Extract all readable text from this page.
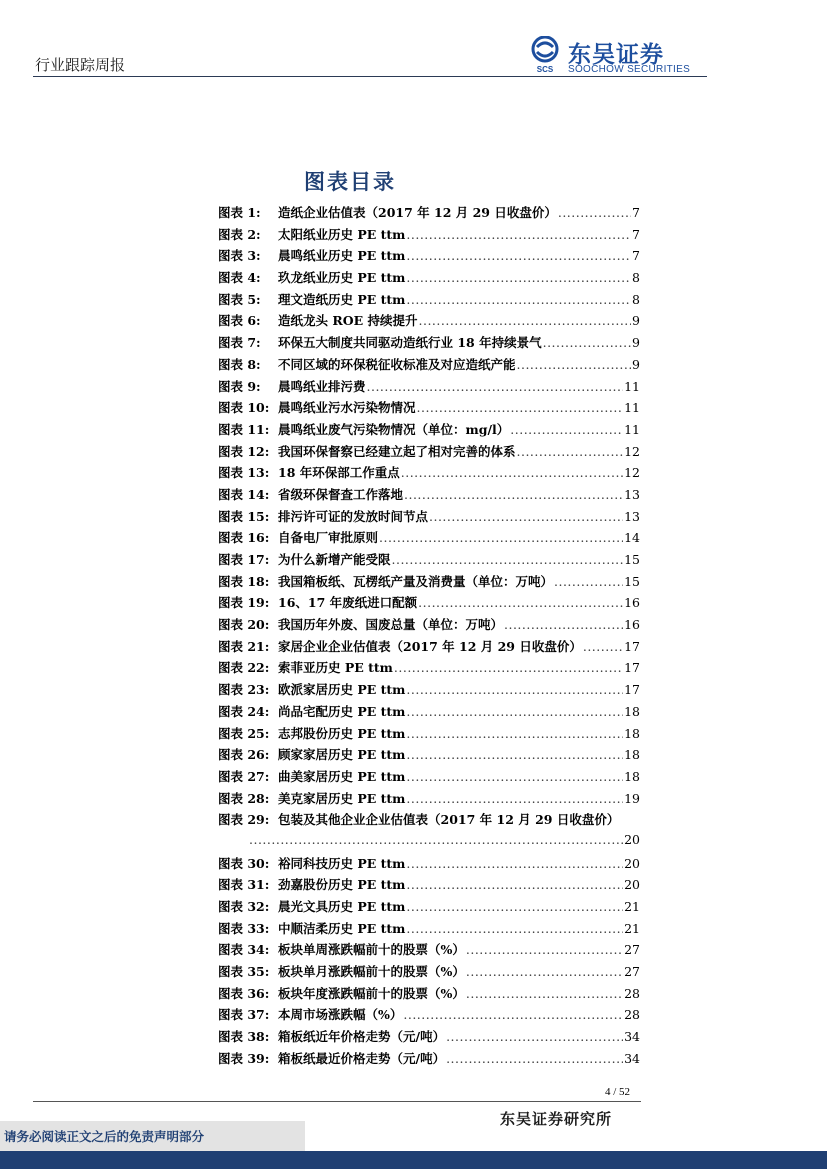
行业跟踪周报	SCS
东吴证券
SOOCHOW SECURITIES
图表目录
图表 1:	造纸企业估值表（2017 年 12 月 29 日收盘价） .....	7
图表 2:	太阳纸业历史 PE ttm .....	7
图表 3:	晨鸣纸业历史 PE ttm .....	7
图表 4:	玖龙纸业历史 PE ttm .....	8
图表 5:	理文造纸历史 PE ttm .....	8
图表 6:	造纸龙头 ROE 持续提升 .....	9
图表 7:	环保五大制度共同驱动造纸行业 18 年持续景气 .....	9
图表 8:	不同区域的环保税征收标准及对应造纸产能 .....	9
图表 9:	晨鸣纸业排污费 .....	11
图表 10: 晨鸣纸业污水污染物情况 .....	11
图表 11: 晨鸣纸业废气污染物情况（单位：mg/l） .....	11
图表 12: 我国环保督察已经建立起了相对完善的体系 .....	12
图表 13: 18 年环保部工作重点 .....	12
图表 14: 省级环保督查工作落地 .....	13
图表 15: 排污许可证的发放时间节点 .....	13
图表 16: 自备电厂审批原则 .....	14
图表 17: 为什么新增产能受限 .....	15
图表 18: 我国箱板纸、瓦楞纸产量及消费量（单位：万吨） .....	15
图表 19: 16、17 年废纸进口配额 .....	16
图表 20: 我国历年外废、国废总量（单位：万吨） .....	16
图表 21: 家居企业企业估值表（2017 年 12 月 29 日收盘价） .....	17
图表 22: 索菲亚历史 PE ttm .....	17
图表 23: 欧派家居历史 PE ttm .....	17
图表 24: 尚品宅配历史 PE ttm .....	18
图表 25: 志邦股份历史 PE ttm .....	18
图表 26: 顾家家居历史 PE ttm .....	18
图表 27: 曲美家居历史 PE ttm .....	18
图表 28: 美克家居历史 PE ttm .....	19
图表 29: 包装及其他企业企业估值表（2017 年 12 月 29 日收盘价）
.....
20
图表 30: 裕同科技历史 PE ttm .....	20
图表 31: 劲嘉股份历史 PE ttm .....	20
图表 32: 晨光文具历史 PE ttm .....	21
图表 33: 中顺洁柔历史 PE ttm .....	21
图表 34: 板块单周涨跌幅前十的股票（%） .....	27
图表 35: 板块单月涨跌幅前十的股票（%） .....	27
图表 36: 板块年度涨跌幅前十的股票（%） .....	28
图表 37: 本周市场涨跌幅（%） .....	28
图表 38: 箱板纸近年价格走势（元/吨） .....	34
图表 39: 箱板纸最近价格走势（元/吨） .....	34
4 / 52
东吴证券研究所
请务必阅读正文之后的免责声明部分
